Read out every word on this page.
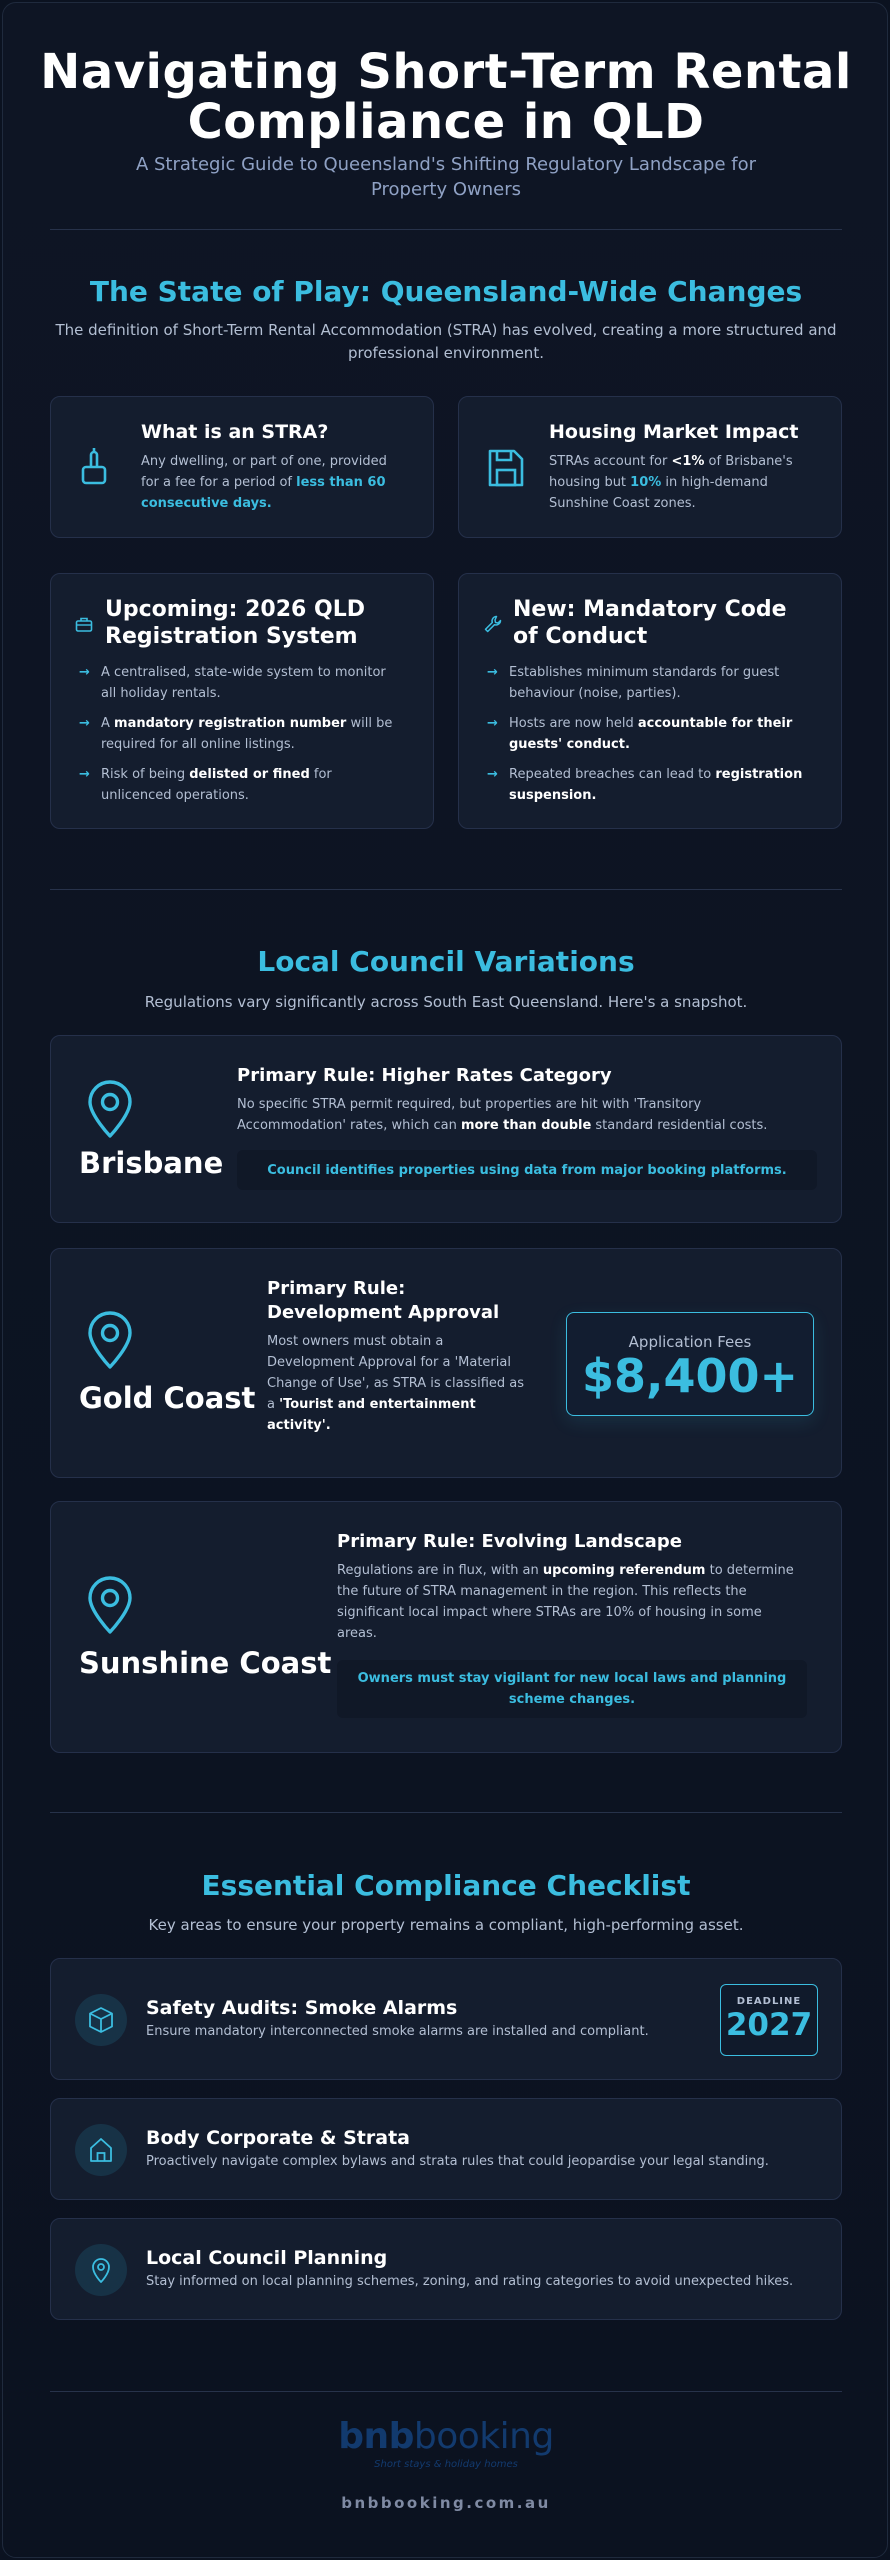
Navigating Short-Term Rental
Compliance in QLD
A Strategic Guide to Queensland's Shifting Regulatory Landscape for
Property Owners
The State of Play: Queensland-Wide Changes
The definition of Short-Term Rental Accommodation (STRA) has evolved, creating a more structured and
professional environment.
What is an STRA?
Any dwelling, or part of one, provided
for a fee for a period of less than 60
consecutive days.
Housing Market Impact
STRAs account for <1% of Brisbane's
housing but 10% in high-demand
Sunshine Coast zones.
Upcoming: 2026 QLD
Registration System
→ A centralised, state-wide system to monitor
all holiday rentals.
→ A mandatory registration number will be
required for all online listings.
→ Risk of being delisted or fined for
unlicenced operations.
New: Mandatory Code
of Conduct
→ Establishes minimum standards for guest
behaviour (noise, parties).
→ Hosts are now held accountable for their
guests' conduct.
→ Repeated breaches can lead to registration
suspension.
Local Council Variations
Regulations vary significantly across South East Queensland. Here's a snapshot.
Brisbane
Primary Rule: Higher Rates Category
No specific STRA permit required, but properties are hit with 'Transitory
Accommodation' rates, which can more than double standard residential costs.
Council identifies properties using data from major booking platforms.
Gold Coast
Primary Rule:
Development Approval
Most owners must obtain a
Development Approval for a 'Material
Change of Use', as STRA is classified as
a 'Tourist and entertainment
activity'.
Application Fees
$8,400+
Sunshine Coast
Primary Rule: Evolving Landscape
Regulations are in flux, with an upcoming referendum to determine
the future of STRA management in the region. This reflects the
significant local impact where STRAs are 10% of housing in some
areas.
Owners must stay vigilant for new local laws and planning
scheme changes.
Essential Compliance Checklist
Key areas to ensure your property remains a compliant, high-performing asset.
Safety Audits: Smoke Alarms
Ensure mandatory interconnected smoke alarms are installed and compliant.
DEADLINE
2027
Body Corporate & Strata
Proactively navigate complex bylaws and strata rules that could jeopardise your legal standing.
Local Council Planning
Stay informed on local planning schemes, zoning, and rating categories to avoid unexpected hikes.
bnbbooking
Short stays & holiday homes
bnbbooking.com.au
